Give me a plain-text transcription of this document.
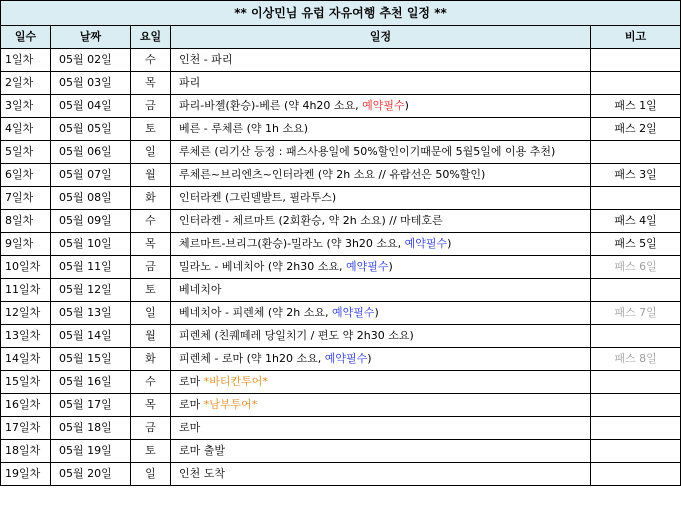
** 이상민님 유럽 자유여행 추천 일정 **				
일수	날짜	요일	일정	비고
1일차	05월 02일	수	인천 - 파리	
2일차	05월 03일	목	파리	
3일차	05월 04일	금	파리-바젤(환승)-베른 (약 4h20 소요, 예약필수)	패스 1일
4일차	05월 05일	토	베른 - 루체른 (약 1h 소요)	패스 2일
5일차	05월 06일	일	루체른 (리기산 등정 : 패스사용일에 50%할인이기때문에 5월5일에 이용 추천)	
6일차	05월 07일	월	루체른~브리엔츠~인터라켄 (약 2h 소요 // 유람선은 50%할인)	패스 3일
7일차	05월 08일	화	인터라켄 (그린델발트, 필라투스)	
8일차	05월 09일	수	인터라켄 - 체르마트 (2회환승, 약 2h 소요) // 마테호른	패스 4일
9일차	05월 10일	목	체르마트-브리그(환승)-밀라노 (약 3h20 소요, 예약필수)	패스 5일
10일차	05월 11일	금	밀라노 - 베네치아 (약 2h30 소요, 예약필수)	패스 6일
11일차	05월 12일	토	베네치아	
12일차	05월 13일	일	베네치아 - 피렌체 (약 2h 소요, 예약필수)	패스 7일
13일차	05월 14일	월	피렌체 (친퀘떼레 당일치기 / 편도 약 2h30 소요)	
14일차	05월 15일	화	피렌체 - 로마 (약 1h20 소요, 예약필수)	패스 8일
15일차	05월 16일	수	로마 *바티칸투어*	
16일차	05월 17일	목	로마 *남부투어*	
17일차	05월 18일	금	로마	
18일차	05월 19일	토	로마 출발	
19일차	05월 20일	일	인천 도착	
